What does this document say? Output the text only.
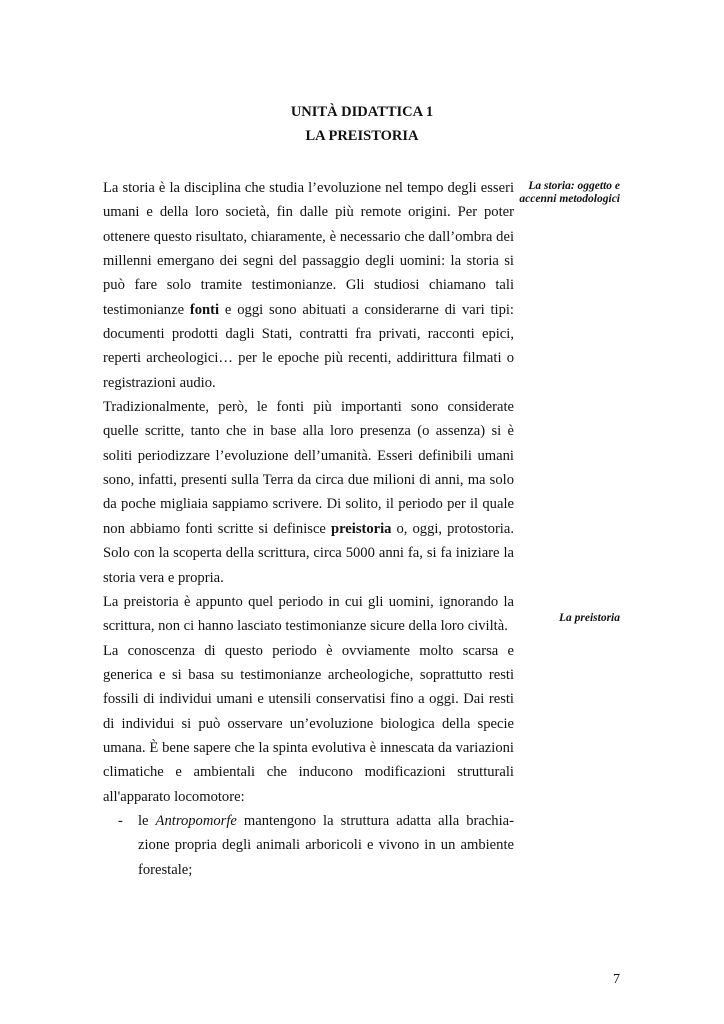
UNITÀ DIDATTICA 1
LA PREISTORIA

La storia è la disciplina che studia l’evoluzione nel tempo degli esseri umani e della loro società, fin dalle più remote origini. Per poter ottenere questo risultato, chiaramente, è necessario che dall’ombra dei millenni emergano dei segni del passaggio degli uomini: la storia si può fare solo tramite testimonianze. Gli studiosi chiamano tali testimonianze fonti e oggi sono abituati a considerarne di vari tipi: documenti prodotti dagli Stati, contratti fra privati, racconti epici, reperti archeologici… per le epoche più recenti, addirittura filmati o registrazioni audio.

Tradizionalmente, però, le fonti più importanti sono considerate quelle scritte, tanto che in base alla loro presenza (o assenza) si è soliti periodizzare l’evoluzione dell’umanità. Esseri definibili umani sono, infatti, presenti sulla Terra da circa due milioni di anni, ma solo da poche migliaia sappiamo scrivere. Di solito, il periodo per il quale non abbiamo fonti scritte si definisce preistoria o, oggi, protostoria. Solo con la scoperta della scrittura, circa 5000 anni fa, si fa iniziare la storia vera e propria.

La preistoria è appunto quel periodo in cui gli uomini, ignorando la scrittura, non ci hanno lasciato testimonianze sicure della loro civiltà.

La conoscenza di questo periodo è ovviamente molto scarsa e generica e si basa su testimonianze archeologiche, soprattutto resti fossili di individui umani e utensili conservatisi fino a oggi. Dai resti di individui si può osservare un’evoluzione biologica della specie umana. È bene sapere che la spinta evolutiva è innescata da variazioni climatiche e ambientali che inducono modificazioni strutturali all'apparato locomotore:

- le Antropomorfe mantengono la struttura adatta alla brachia-zione propria degli animali arboricoli e vivono in un ambiente forestale;
La storia: oggetto e accenni metodologici
La preistoria
7
